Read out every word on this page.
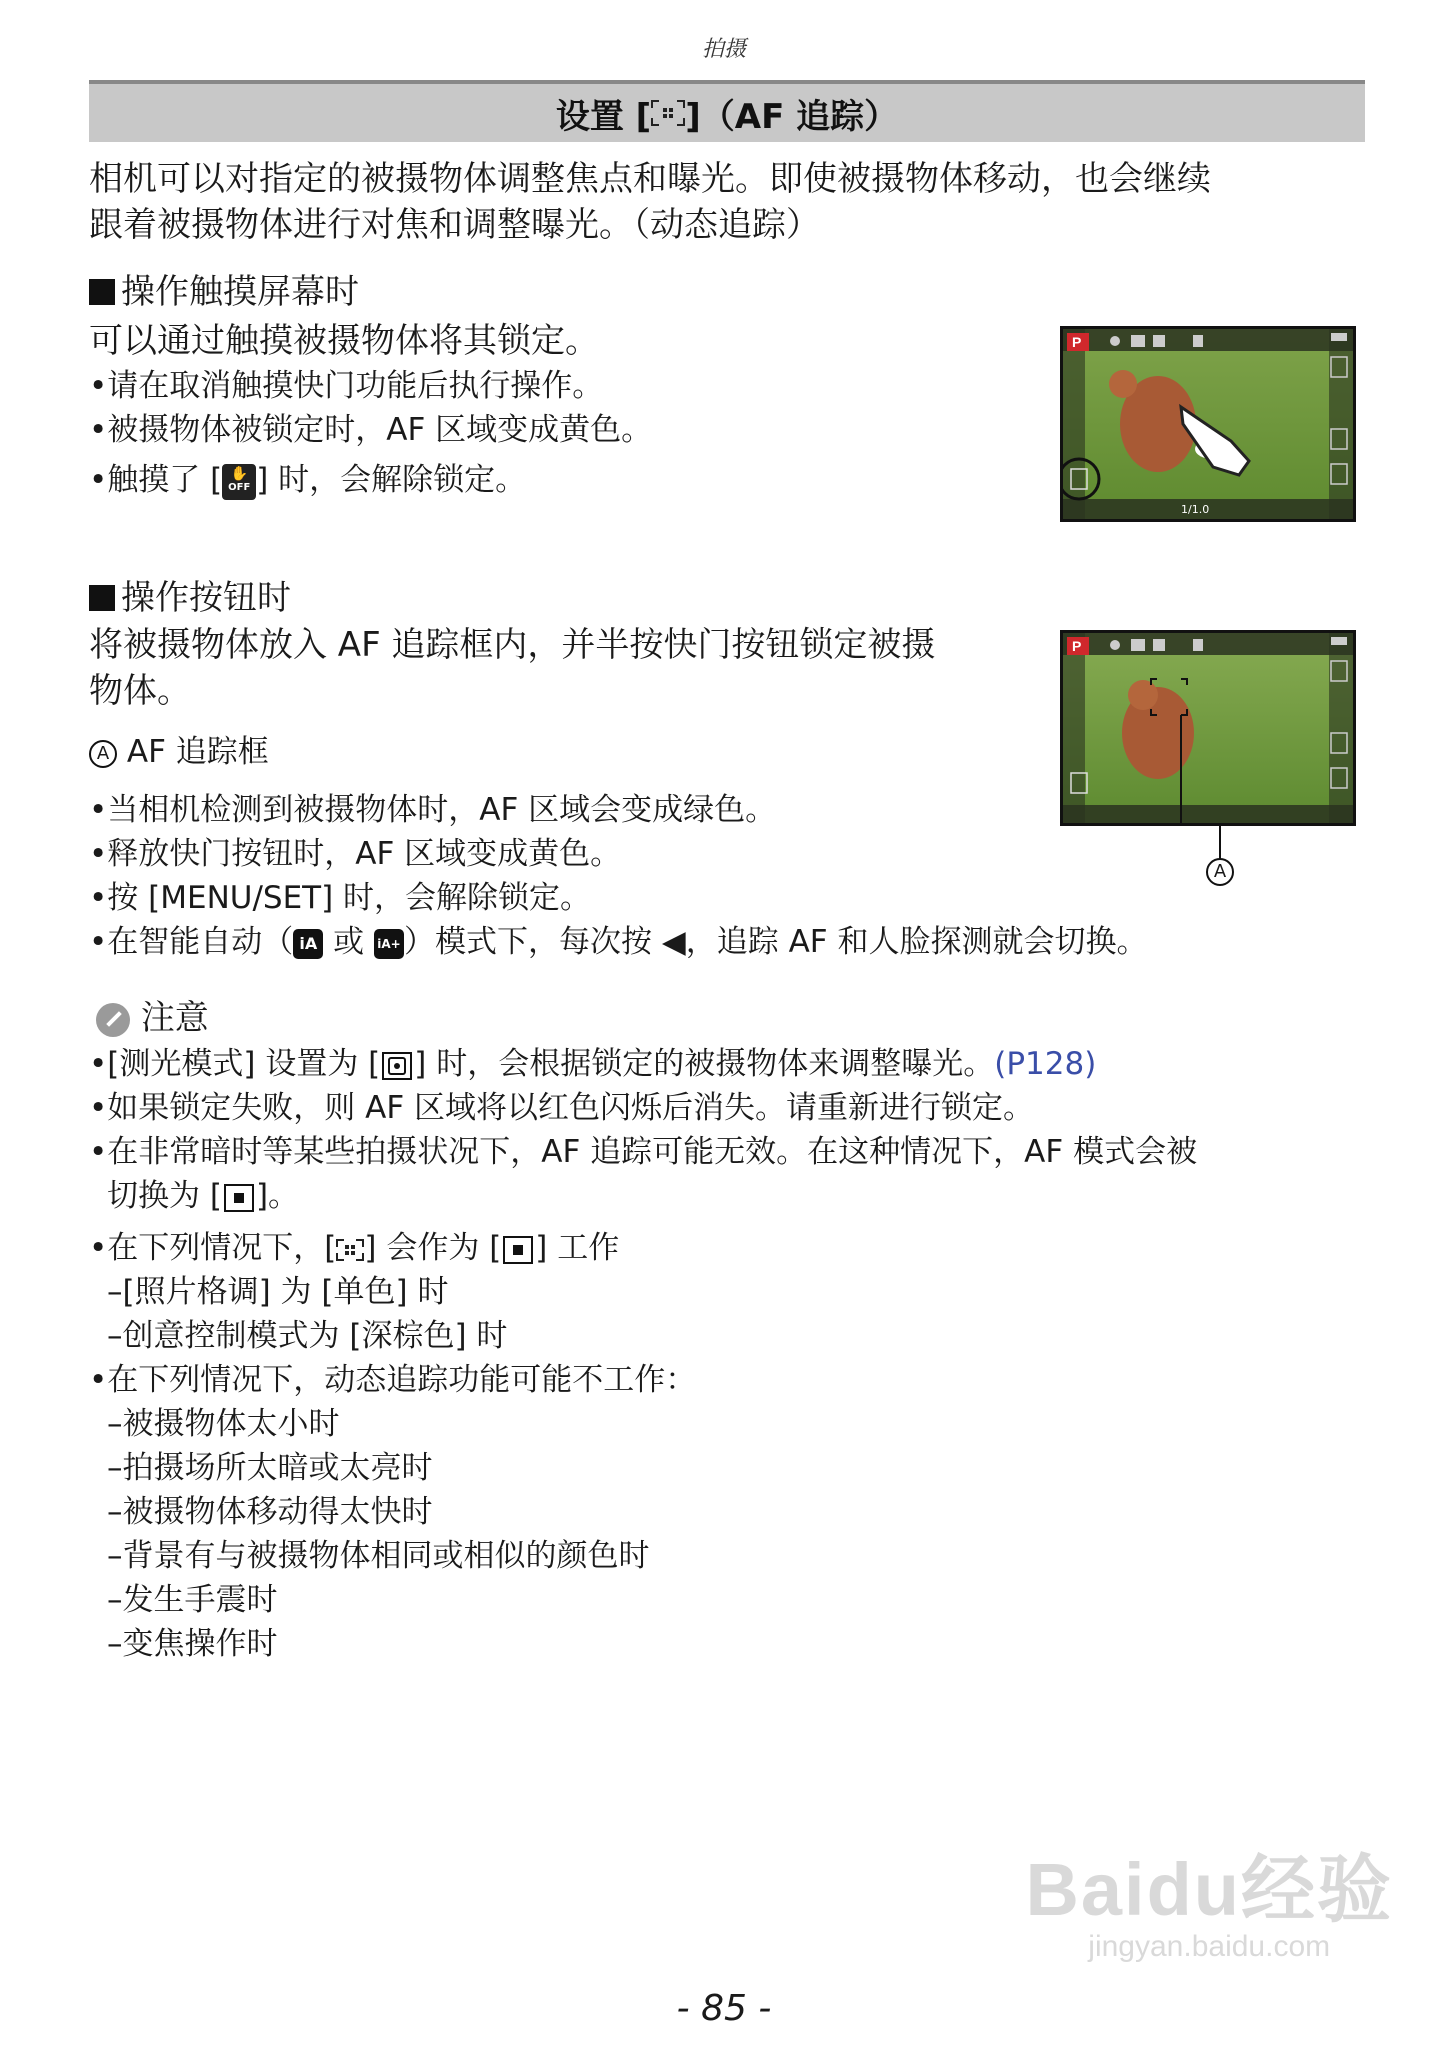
拍摄
设置 [ ]（AF 追踪）
相机可以对指定的被摄物体调整焦点和曝光。即使被摄物体移动，也会继续
跟着被摄物体进行对焦和调整曝光。（动态追踪）
操作触摸屏幕时
可以通过触摸被摄物体将其锁定。
•请在取消触摸快门功能后执行操作。
•被摄物体被锁定时，AF 区域变成黄色。
•触摸了 [ ✋
OFF ] 时，会解除锁定。
P
1/1.0
操作按钮时
将被摄物体放入 AF 追踪框内，并半按快门按钮锁定被摄
物体。
A AF 追踪框
•当相机检测到被摄物体时，AF 区域会变成绿色。
•释放快门按钮时，AF 区域变成黄色。
•按 [MENU/SET] 时，会解除锁定。
•在智能自动（ iA 或 iA+ ）模式下，每次按 ◀，追踪 AF 和人脸探测就会切换。
P
A
注意
•[测光模式] 设置为 [ ] 时，会根据锁定的被摄物体来调整曝光。(P128)
•如果锁定失败，则 AF 区域将以红色闪烁后消失。请重新进行锁定。
•在非常暗时等某些拍摄状况下，AF 追踪可能无效。在这种情况下，AF 模式会被
切换为 [ ]。
•在下列情况下，[ ] 会作为 [ ] 工作
–[照片格调] 为 [单色] 时
–创意控制模式为 [深棕色] 时
•在下列情况下，动态追踪功能可能不工作：
–被摄物体太小时
–拍摄场所太暗或太亮时
–被摄物体移动得太快时
–背景有与被摄物体相同或相似的颜色时
–发生手震时
–变焦操作时
Baidu经验
jingyan.baidu.com
- 85 -
